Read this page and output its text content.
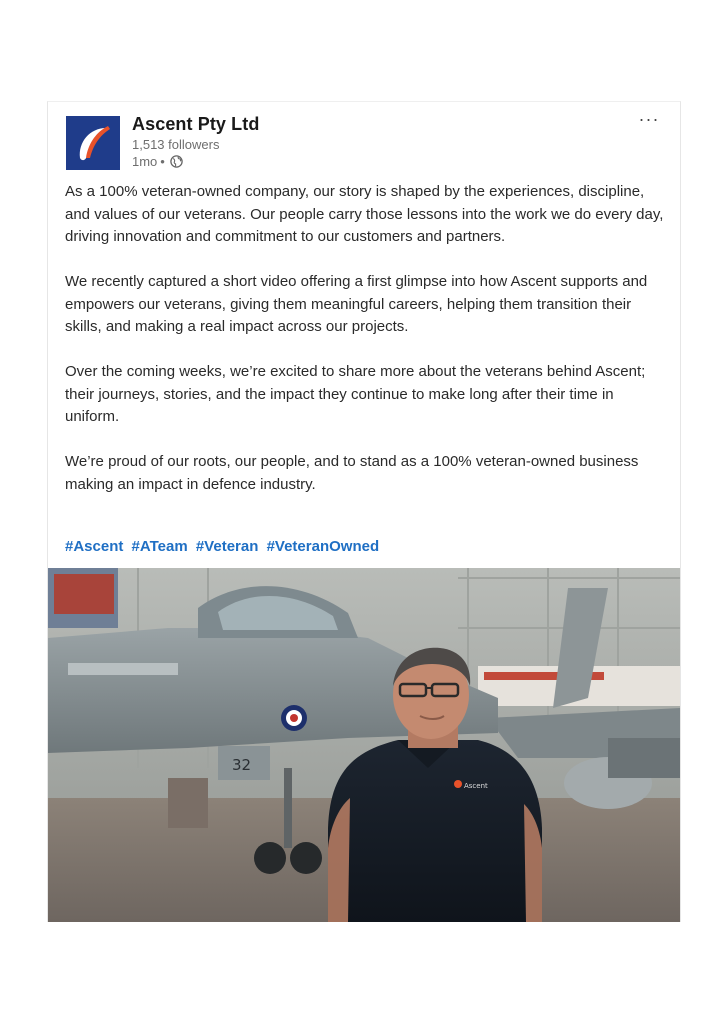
Ascent Pty Ltd
1,513 followers
1mo •
···

As a 100% veteran-owned company, our story is shaped by the experiences, discipline, and values of our veterans. Our people carry those lessons into the work we do every day, driving innovation and commitment to our customers and partners.

We recently captured a short video offering a first glimpse into how Ascent supports and empowers our veterans, giving them meaningful careers, helping them transition their skills, and making a real impact across our projects.

Over the coming weeks, we’re excited to share more about the veterans behind Ascent; their journeys, stories, and the impact they continue to make long after their time in uniform.

We’re proud of our roots, our people, and to stand as a 100% veteran-owned business making an impact in defence industry.

#Ascent #ATeam #Veteran #VeteranOwned
32
Ascent
